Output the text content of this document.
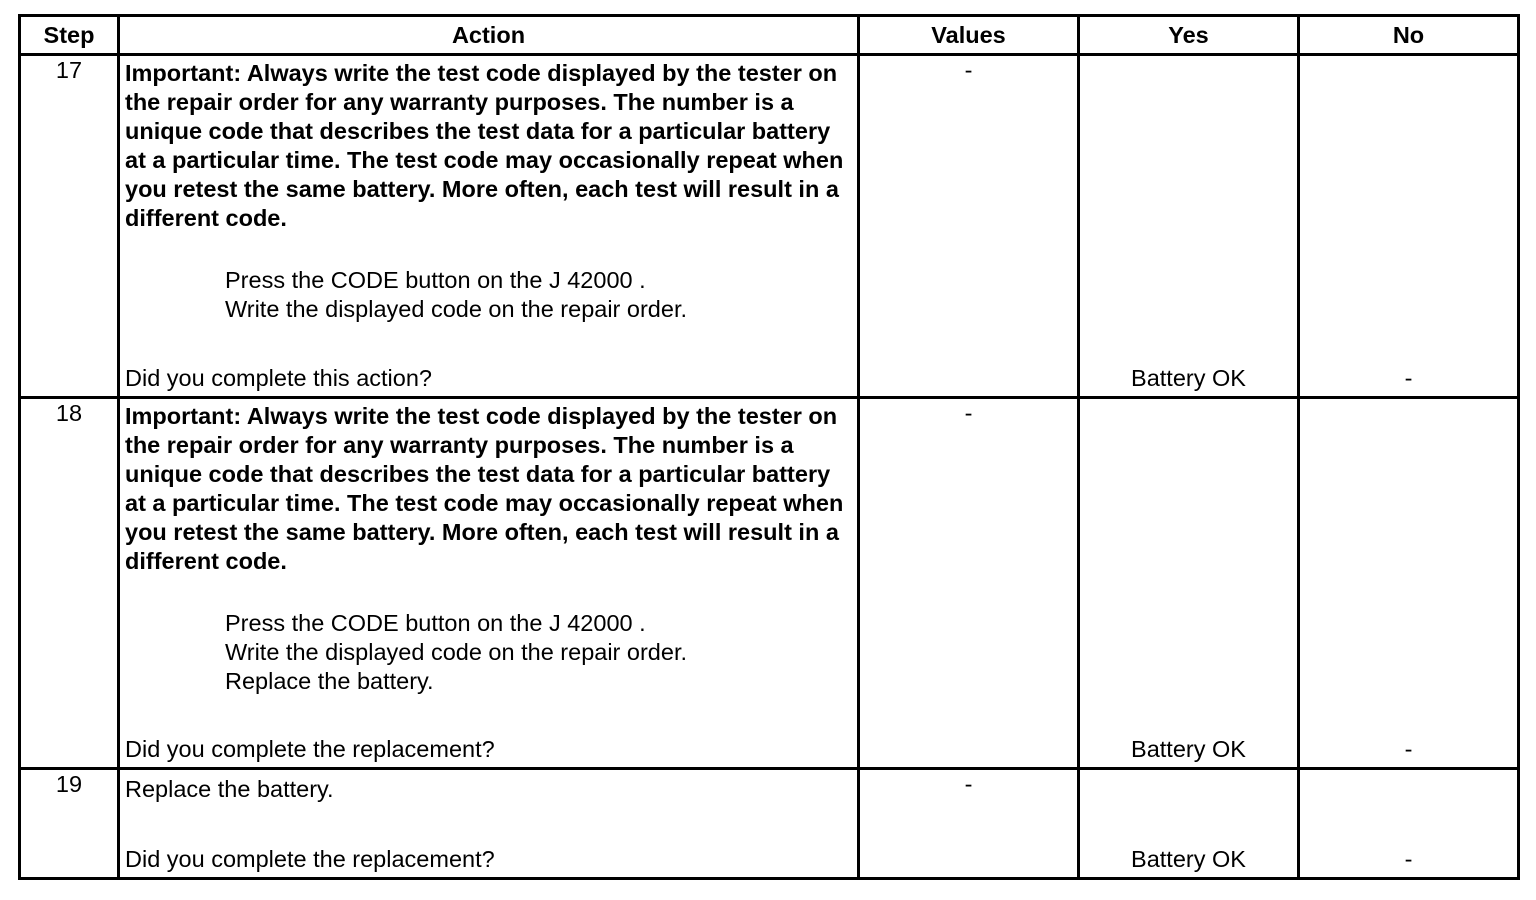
Step	Action	Values	Yes	No
17	Important: Always write the test code displayed by the tester on the repair order for any warranty purposes. The number is a unique code that describes the test data for a particular battery at a particular time. The test code may occasionally repeat when you retest the same battery. More often, each test will result in a different code.
Press the CODE button on the J 42000 .
Write the displayed code on the repair order.
Did you complete this action?	-	Battery OK	-

18	Important: Always write the test code displayed by the tester on the repair order for any warranty purposes. The number is a unique code that describes the test data for a particular battery at a particular time. The test code may occasionally repeat when you retest the same battery. More often, each test will result in a different code.
Press the CODE button on the J 42000 .
Write the displayed code on the repair order.
Replace the battery.
Did you complete the replacement?	-	Battery OK	-

19	Replace the battery.
Did you complete the replacement?	-	Battery OK	-
